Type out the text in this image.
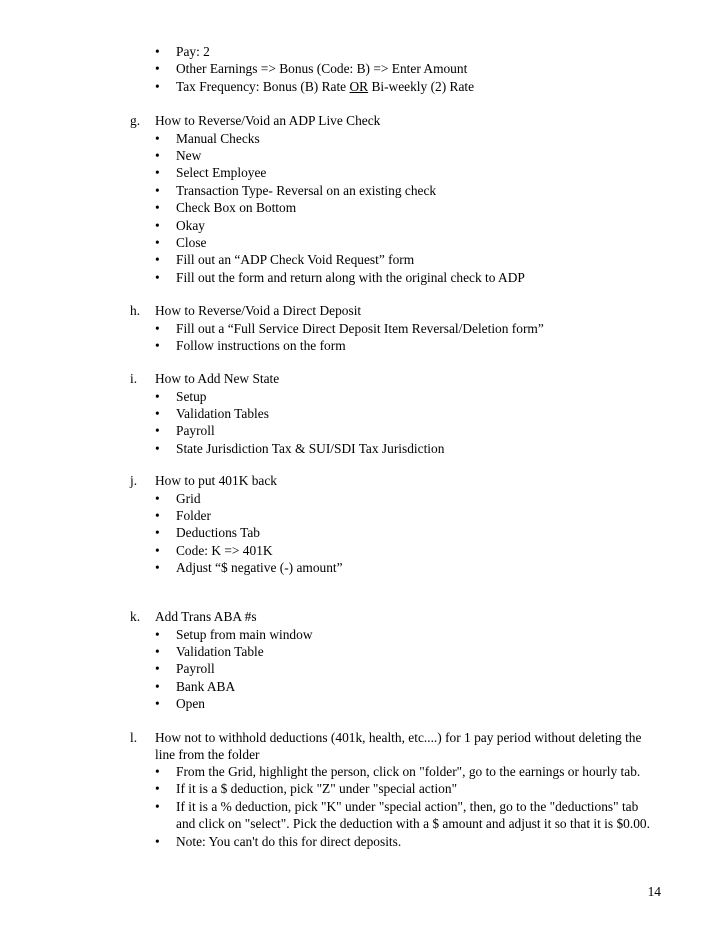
• Pay: 2
• Other Earnings => Bonus (Code: B) => Enter Amount
• Tax Frequency: Bonus (B) Rate OR Bi-weekly (2) Rate
g. How to Reverse/Void an ADP Live Check
• Manual Checks
• New
• Select Employee
• Transaction Type- Reversal on an existing check
• Check Box on Bottom
• Okay
• Close
• Fill out an “ADP Check Void Request” form
• Fill out the form and return along with the original check to ADP
h. How to Reverse/Void a Direct Deposit
• Fill out a “Full Service Direct Deposit Item Reversal/Deletion form”
• Follow instructions on the form
i. How to Add New State
• Setup
• Validation Tables
• Payroll
• State Jurisdiction Tax & SUI/SDI Tax Jurisdiction
j. How to put 401K back
• Grid
• Folder
• Deductions Tab
• Code: K => 401K
• Adjust “$ negative (-) amount”
k. Add Trans ABA #s
• Setup from main window
• Validation Table
• Payroll
• Bank ABA
• Open
l. How not to withhold deductions (401k, health, etc....) for 1 pay period without deleting the line from the folder
• From the Grid, highlight the person, click on "folder", go to the earnings or hourly tab.
• If it is a $ deduction, pick "Z" under "special action"
• If it is a % deduction, pick "K" under "special action", then, go to the "deductions" tab and click on "select". Pick the deduction with a $ amount and adjust it so that it is $0.00.
• Note: You can't do this for direct deposits.
14
